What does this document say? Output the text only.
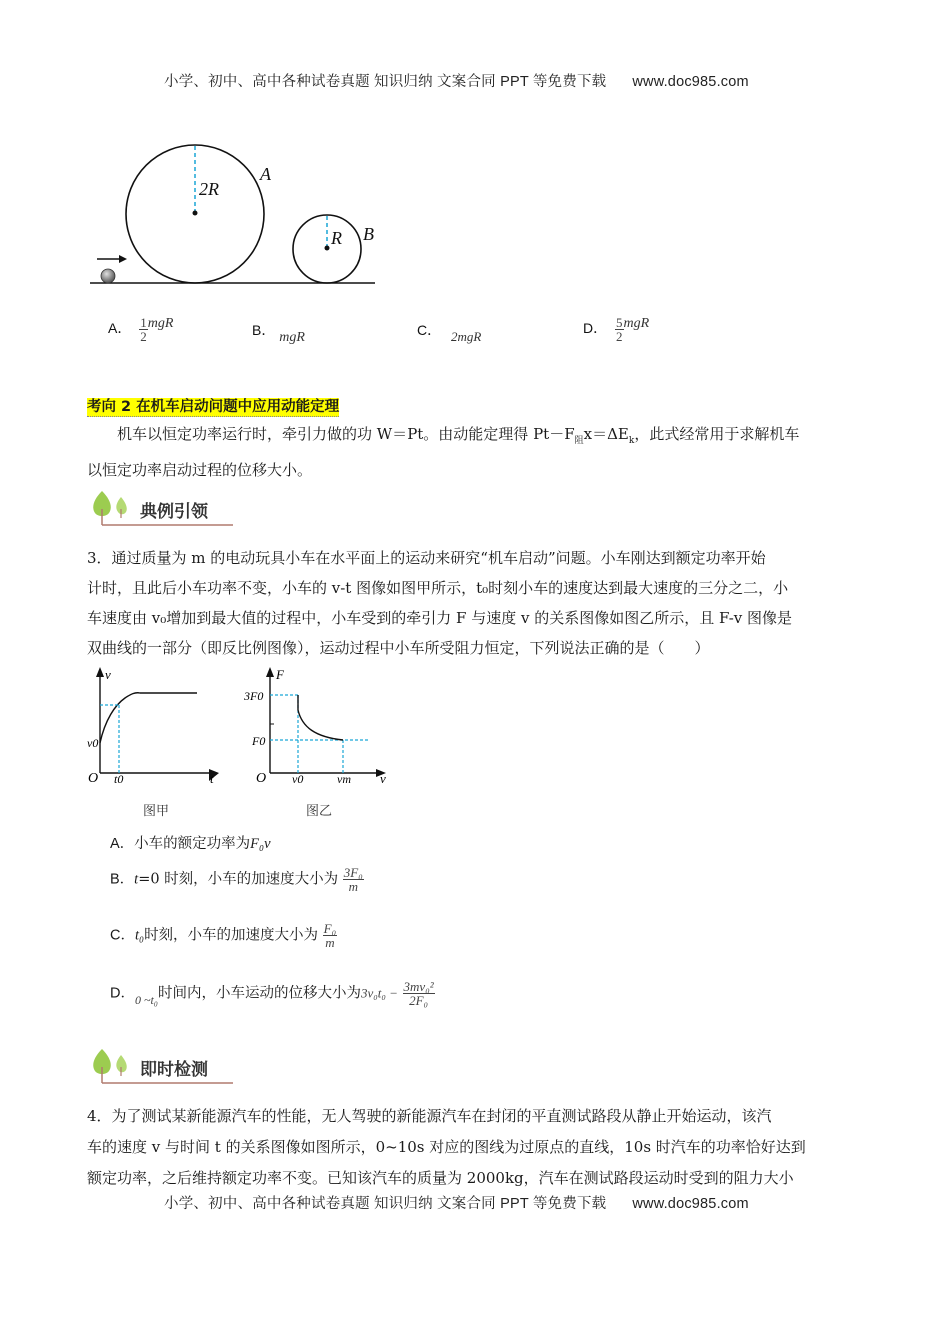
小学、初中、高中各种试卷真题 知识归纳 文案合同 PPT 等免费下载 www.doc985.com
2R
A
R B
A． $\frac{1}{2}$ mgR	B． mgR	C． 2mgR
D． $\frac{5}{2}$ mgR
考向 2 在机车启动问题中应用动能定理
机车以恒定功率运行时，牵引力做的功 W＝Pt。由动能定理得 $Pt-F_阻x=\Delta E_k$，此式经常用于求解机车
以恒定功率启动过程的位移大小。
典例引领
3．通过质量为 m 的电动玩具小车在水平面上的运动来研究“机车启动”问题。小车刚达到额定功率开始
计时，且此后小车功率不变，小车的 v-t 图像如图甲所示，t₀时刻小车的速度达到最大速度的三分之二，小
车速度由 v₀增加到最大值的过程中，小车受到的牵引力 F 与速度 v 的关系图像如图乙所示，且 F-v 图像是
双曲线的一部分（即反比例图像），运动过程中小车所受阻力恒定，下列说法正确的是（　　）
v
t
O
v0
t0
图甲
F
v
O
3F0
F0
v0	vm
图乙
A．小车的额定功率为F₀v
B．t=0 时刻，小车的加速度大小为 $\frac{\text{3F₀}}{m}$
C．t₀时刻，小车的加速度大小为 $\frac{\text{F₀}}{m}$
D．$_{0 \sim t_0}$时间内，小车运动的位移大小为$3v_0t_0 - \frac{\text{3mv₀²}}{\text{2F₀}}$
即时检测
4．为了测试某新能源汽车的性能，无人驾驶的新能源汽车在封闭的平直测试路段从静止开始运动，该汽
车的速度 v 与时间 t 的关系图像如图所示，0~10s 对应的图线为过原点的直线，10s 时汽车的功率恰好达到
额定功率，之后维持额定功率不变。已知该汽车的质量为 2000kg，汽车在测试路段运动时受到的阻力大小
小学、初中、高中各种试卷真题 知识归纳 文案合同 PPT 等免费下载 www.doc985.com
